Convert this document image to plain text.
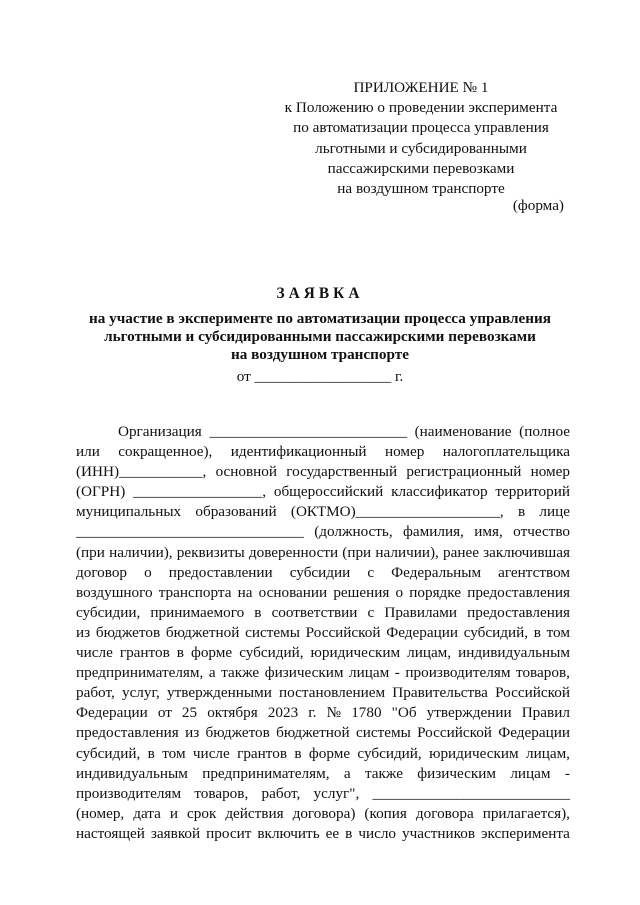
ПРИЛОЖЕНИЕ № 1
к Положению о проведении эксперимента
по автоматизации процесса управления
льготными и субсидированными
пассажирскими перевозками
на воздушном транспорте
(форма)
ЗАЯВКА
на участие в эксперименте по автоматизации процесса управления
льготными и субсидированными пассажирскими перевозками
на воздушном транспорте
от __________________ г.
Организация __________________________ (наименование (полное
или сокращенное), идентификационный номер налогоплательщика
(ИНН)___________, основной государственный регистрационный номер
(ОГРН) _________________, общероссийский классификатор территорий
муниципальных образований (ОКТМО)___________________, в лице
______________________________ (должность, фамилия, имя, отчество
(при наличии), реквизиты доверенности (при наличии), ранее заключившая
договор о предоставлении субсидии с Федеральным агентством
воздушного транспорта на основании решения о порядке предоставления
субсидии, принимаемого в соответствии с Правилами предоставления
из бюджетов бюджетной системы Российской Федерации субсидий, в том
числе грантов в форме субсидий, юридическим лицам, индивидуальным
предпринимателям, а также физическим лицам - производителям товаров,
работ, услуг, утвержденными постановлением Правительства Российской
Федерации от 25 октября 2023 г. № 1780 "Об утверждении Правил
предоставления из бюджетов бюджетной системы Российской Федерации
субсидий, в том числе грантов в форме субсидий, юридическим лицам,
индивидуальным предпринимателям, а также физическим лицам -
производителям товаров, работ, услуг", __________________________
(номер, дата и срок действия договора) (копия договора прилагается),
настоящей заявкой просит включить ее в число участников эксперимента
